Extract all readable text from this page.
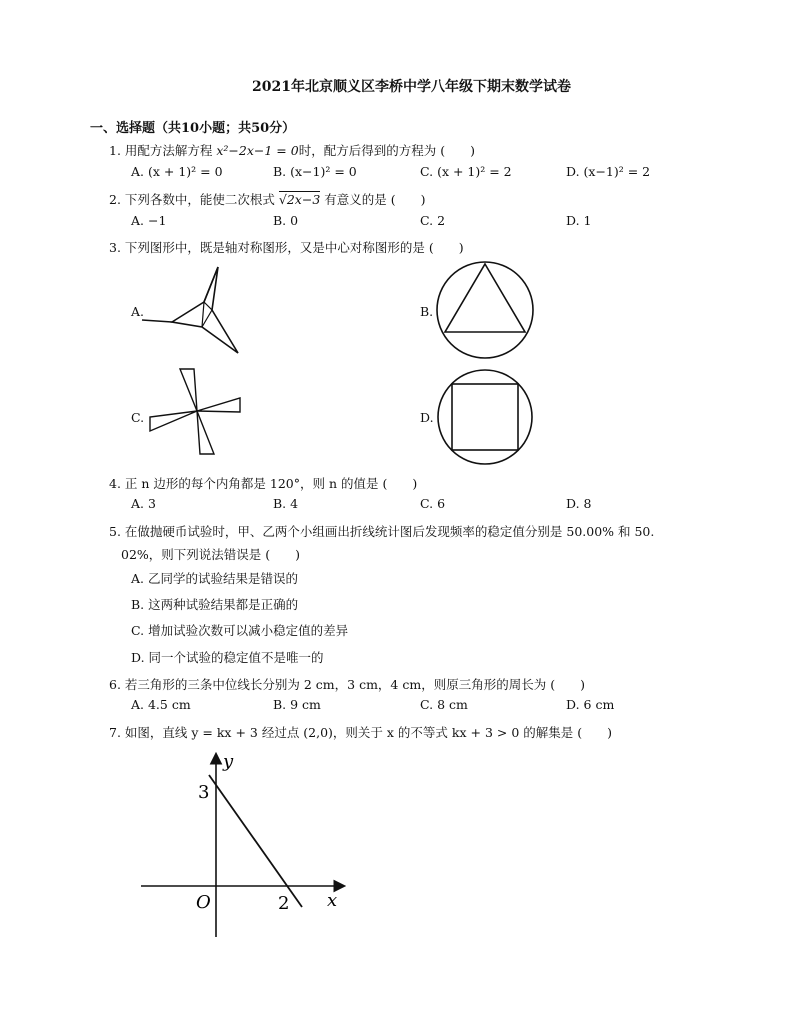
2021年北京顺义区李桥中学八年级下期末数学试卷
一、选择题（共10小题；共50分）
1. 用配方法解方程 x²−2x−1 = 0时，配方后得到的方程为 (　　)
A. (x + 1)² = 0	B. (x−1)² = 0	C. (x + 1)² = 2	D. (x−1)² = 2
2. 下列各数中，能使二次根式 √2x−3 有意义的是 (　　)
A. −1	B. 0	C. 2	D. 1
3. 下列图形中，既是轴对称图形，又是中心对称图形的是 (　　)
A.	B.
C.	D.
4. 正 n 边形的每个内角都是 120°，则 n 的值是 (　　)
A. 3	B. 4	C. 6	D. 8
5. 在做抛硬币试验时，甲、乙两个小组画出折线统计图后发现频率的稳定值分别是 50.00% 和 50.
02%，则下列说法错误是 (　　)
A. 乙同学的试验结果是错误的
B. 这两种试验结果都是正确的
C. 增加试验次数可以减小稳定值的差异
D. 同一个试验的稳定值不是唯一的
6. 若三角形的三条中位线长分别为 2 cm，3 cm，4 cm，则原三角形的周长为 (　　)
A. 4.5 cm	B. 9 cm	C. 8 cm	D. 6 cm
7. 如图，直线 y = kx + 3 经过点 (2,0)，则关于 x 的不等式 kx + 3 > 0 的解集是 (　　)
y
3
O	2 x
